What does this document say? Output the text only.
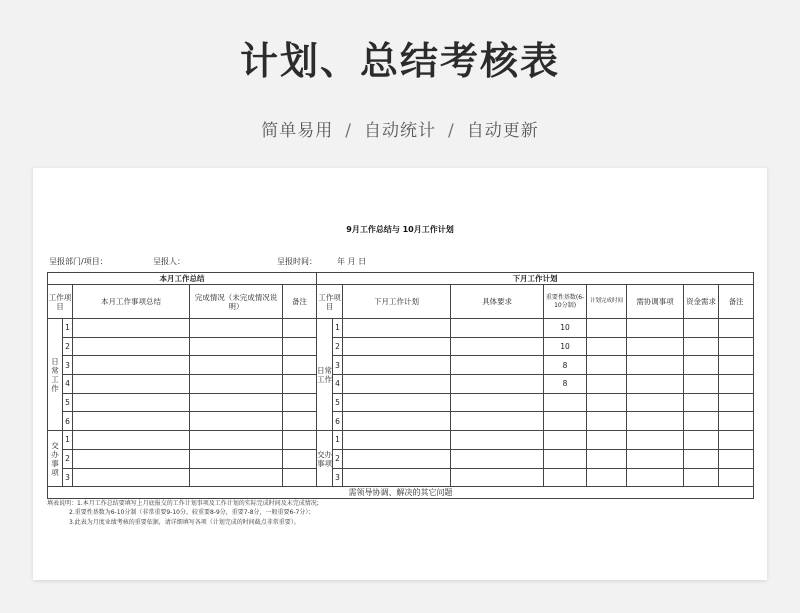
计划、总结考核表
简单易用 / 自动统计 / 自动更新
9月工作总结与 10月工作计划
呈报部门/项目：	呈报人：	呈报时间：	年 月 日
本月工作总结					下月工作计划								
工作项目		本月工作事项总结	完成情况（未完成情况说明）	备注	工作项目		下月工作计划	具体要求	重要性基数(6-10分制)	计划完成时间	需协调事项	资金需求	备注
日常工作	1				日常工作	1			10				
	2					2			10				
	3					3			8				
	4					4			8				
	5					5							
	6					6							
交办事项	1				交办事项	1							
	2					2							
	3					3							
需领导协调、解决的其它问题													
填表说明：1.本月工作总结要填写上月底报交的工作计划事项及工作计划的实际完成时间及未完成情况;
2.重要性基数为6-10分制（非常重要9-10分，较重要8-9分，重要7-8分，一般重要6-7分）；
3.此表为月度业绩考核的重要依据，请详细填写各项（计划完成的时间截点非常重要）。
